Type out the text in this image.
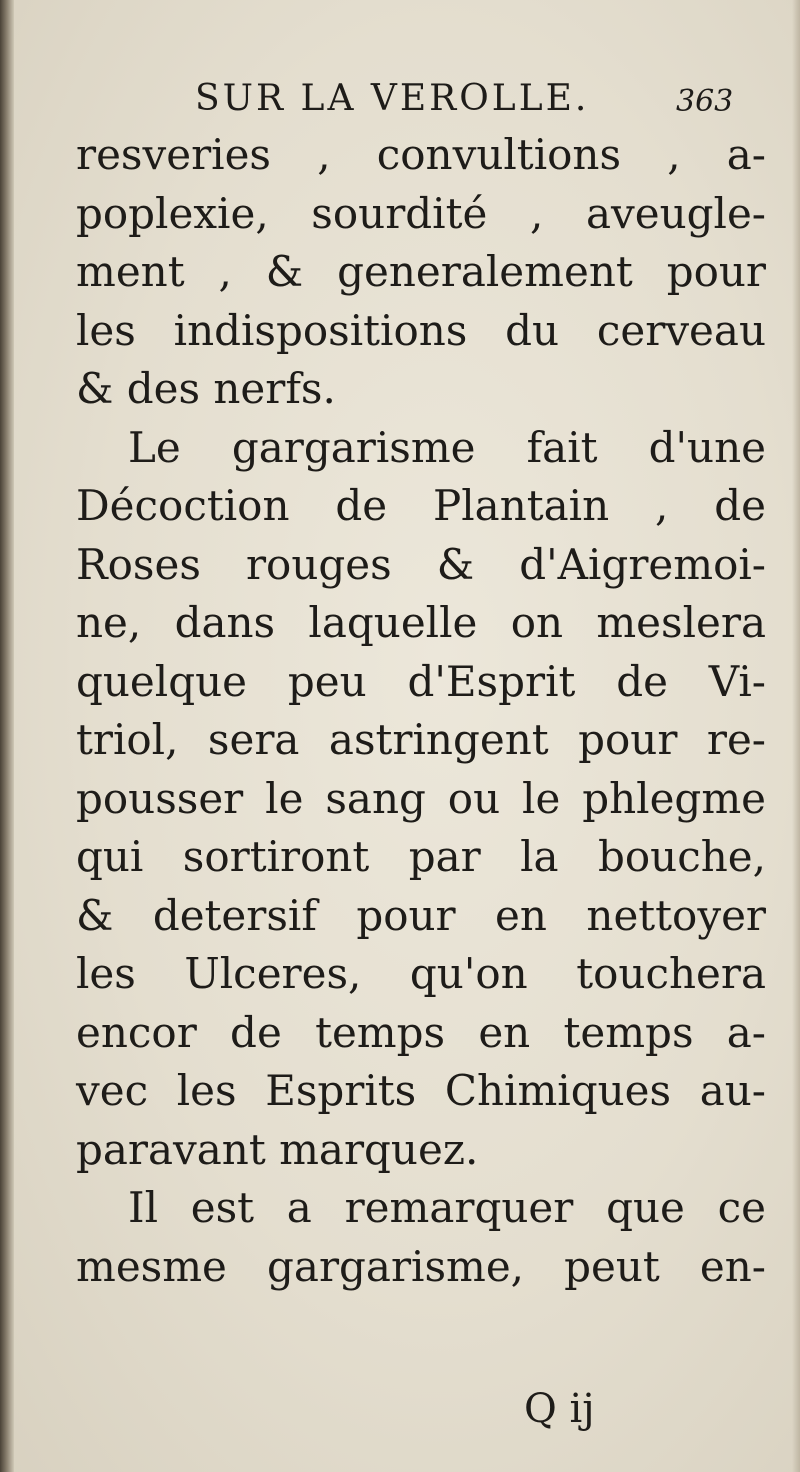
SUR LA VEROLLE.	363
resveries , convultions , a-
poplexie, sourdité , aveugle-
ment , & generalement pour
les indispositions du cerveau
& des nerfs.
Le gargarisme fait d'une
Décoction de Plantain , de
Roses rouges & d'Aigremoi-
ne, dans laquelle on meslera
quelque peu d'Esprit de Vi-
triol, sera astringent pour re-
pousser le sang ou le phlegme
qui sortiront par la bouche,
& detersif pour en nettoyer
les Ulceres, qu'on touchera
encor de temps en temps a-
vec les Esprits Chimiques au-
paravant marquez.
Il est a remarquer que ce
mesme gargarisme, peut en-
Q ij
